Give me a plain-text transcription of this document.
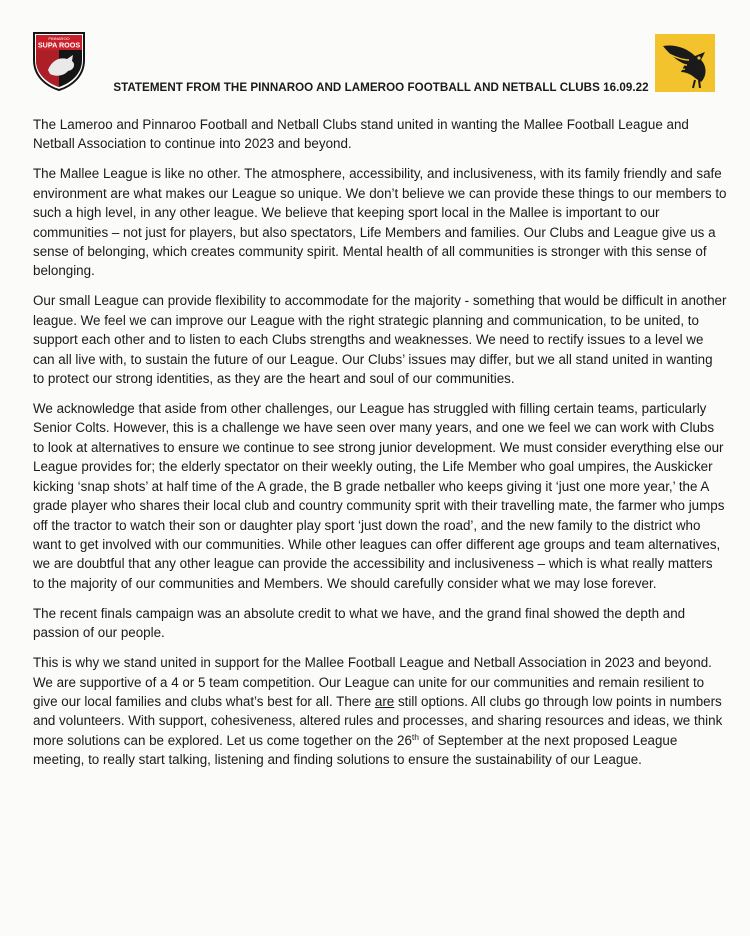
PINNAROO
SUPA ROOS
STATEMENT FROM THE PINNAROO AND LAMEROO FOOTBALL AND NETBALL CLUBS 16.09.22

The Lameroo and Pinnaroo Football and Netball Clubs stand united in wanting the Mallee Football League and Netball Association to continue into 2023 and beyond.

The Mallee League is like no other. The atmosphere, accessibility, and inclusiveness, with its family friendly and safe environment are what makes our League so unique. We don’t believe we can provide these things to our members to such a high level, in any other league. We believe that keeping sport local in the Mallee is important to our communities – not just for players, but also spectators, Life Members and families. Our Clubs and League give us a sense of belonging, which creates community spirit. Mental health of all communities is stronger with this sense of belonging.

Our small League can provide flexibility to accommodate for the majority - something that would be difficult in another league. We feel we can improve our League with the right strategic planning and communication, to be united, to support each other and to listen to each Clubs strengths and weaknesses. We need to rectify issues to a level we can all live with, to sustain the future of our League. Our Clubs’ issues may differ, but we all stand united in wanting to protect our strong identities, as they are the heart and soul of our communities.

We acknowledge that aside from other challenges, our League has struggled with filling certain teams, particularly Senior Colts. However, this is a challenge we have seen over many years, and one we feel we can work with Clubs to look at alternatives to ensure we continue to see strong junior development. We must consider everything else our League provides for; the elderly spectator on their weekly outing, the Life Member who goal umpires, the Auskicker kicking ‘snap shots’ at half time of the A grade, the B grade netballer who keeps giving it ‘just one more year,’ the A grade player who shares their local club and country community sprit with their travelling mate, the farmer who jumps off the tractor to watch their son or daughter play sport ‘just down the road’, and the new family to the district who want to get involved with our communities. While other leagues can offer different age groups and team alternatives, we are doubtful that any other league can provide the accessibility and inclusiveness – which is what really matters to the majority of our communities and Members. We should carefully consider what we may lose forever.

The recent finals campaign was an absolute credit to what we have, and the grand final showed the depth and passion of our people.

This is why we stand united in support for the Mallee Football League and Netball Association in 2023 and beyond. We are supportive of a 4 or 5 team competition. Our League can unite for our communities and remain resilient to give our local families and clubs what’s best for all. There are still options. All clubs go through low points in numbers and volunteers. With support, cohesiveness, altered rules and processes, and sharing resources and ideas, we think more solutions can be explored. Let us come together on the 26th of September at the next proposed League meeting, to really start talking, listening and finding solutions to ensure the sustainability of our League.
